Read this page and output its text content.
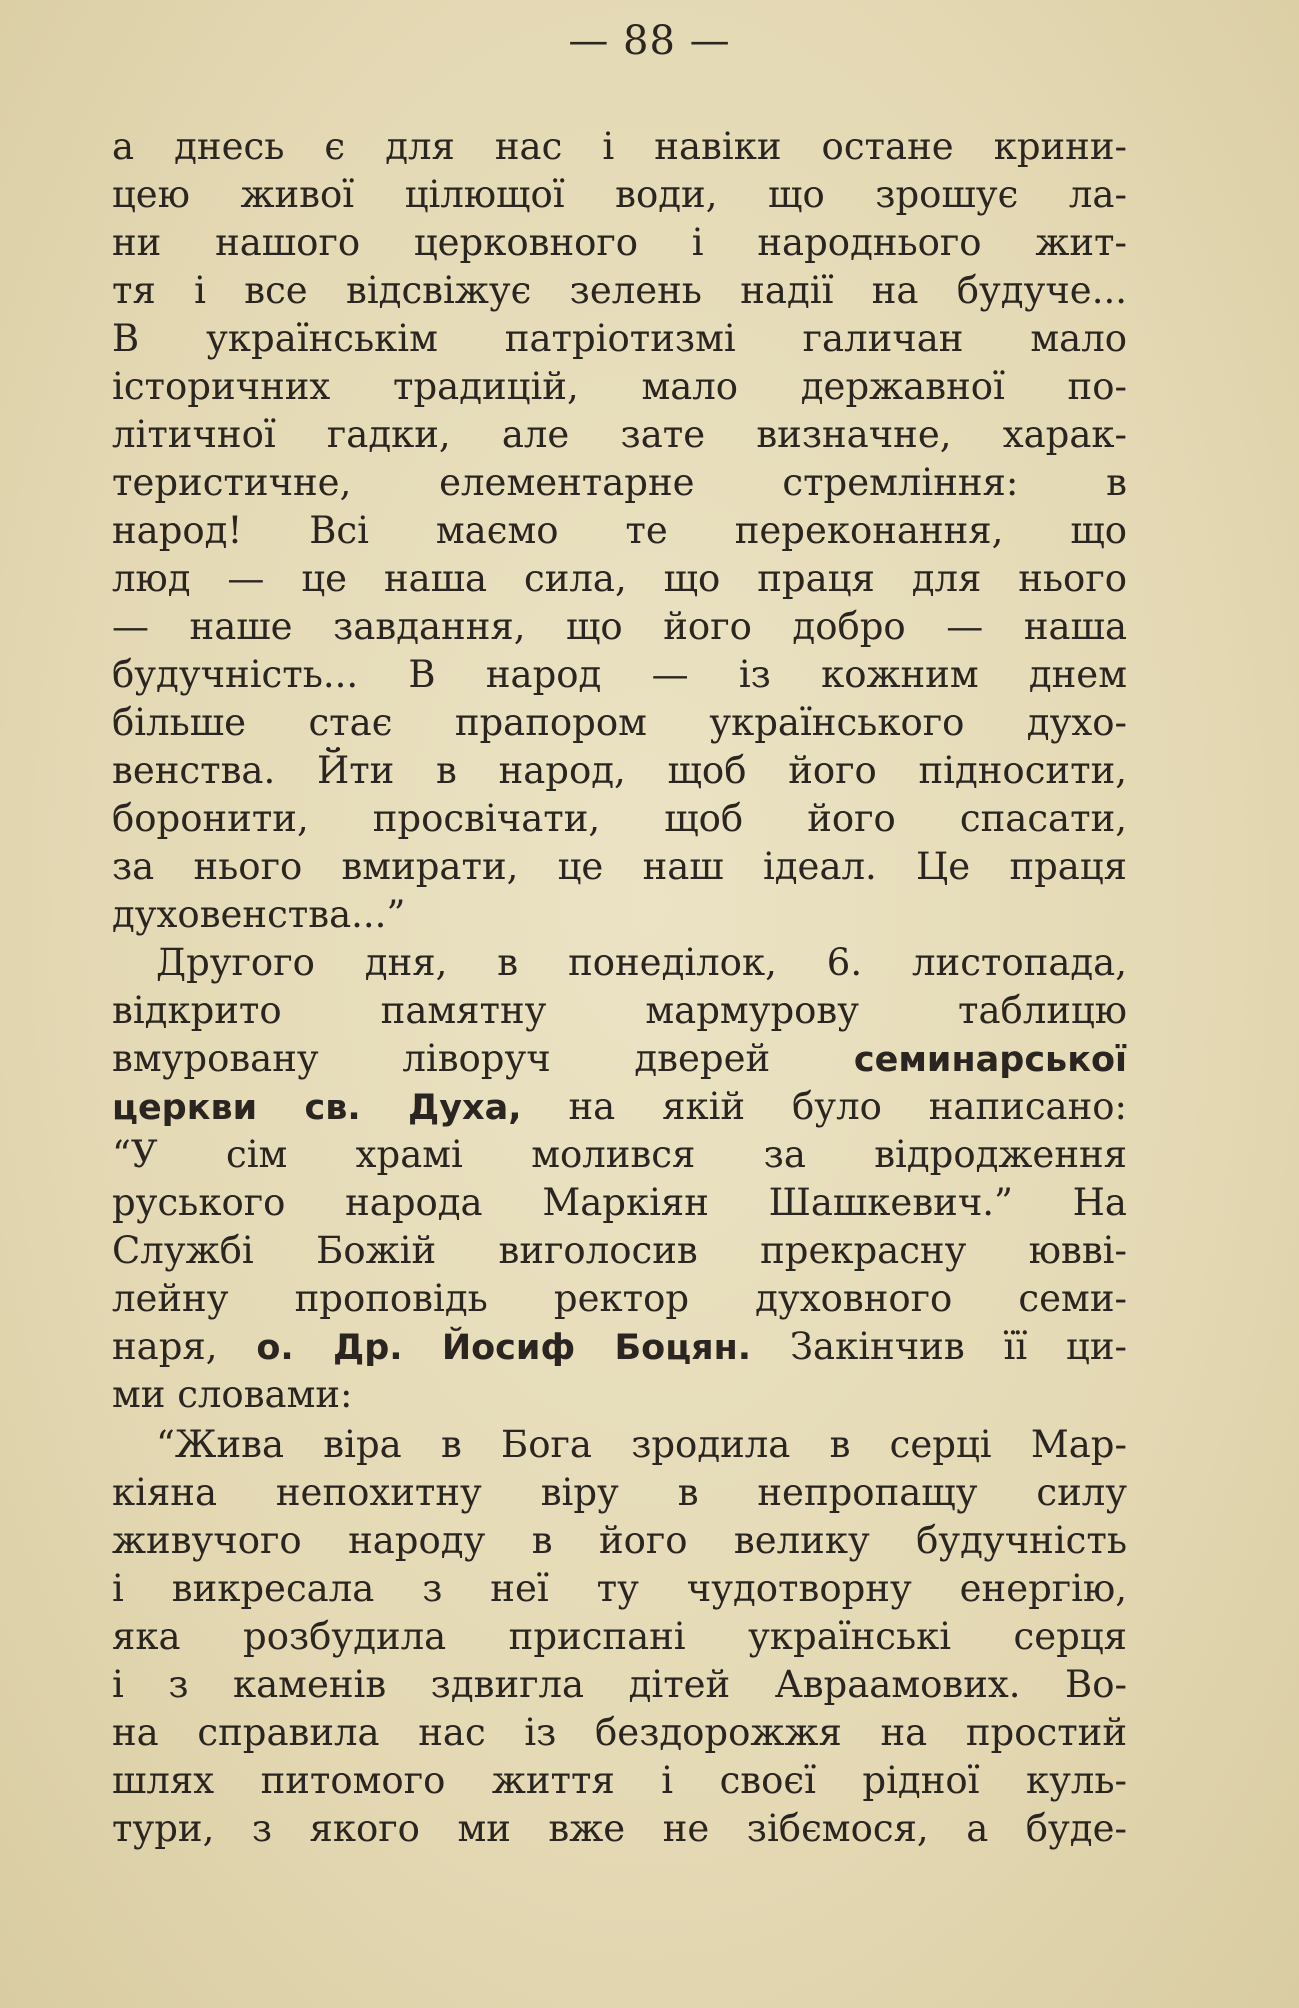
— 88 —
а днесь є для нас і навіки остане крини-
цею живої цілющої води, що зрошує ла-
ни нашого церковного і народнього жит-
тя і все відсвіжує зелень надії на будуче...
В українськім патріотизмі галичан мало
історичних традицій, мало державної по-
літичної гадки, але зате визначне, харак-
теристичне, елементарне стремління: в
народ! Всі маємо те переконання, що
люд — це наша сила, що праця для нього
— наше завдання, що його добро — наша
будучність... В народ — із кожним днем
більше стає прапором українського духо-
венства. Йти в народ, щоб його підносити,
боронити, просвічати, щоб його спасати,
за нього вмирати, це наш ідеал. Це праця
духовенства...”
Другого дня, в понеділок, 6. листопада,
відкрито памятну мармурову таблицю
вмуровану ліворуч дверей семинарської
церкви св. Духа, на якій було написано:
“У сім храмі молився за відродження
руського народа Маркіян Шашкевич.” На
Службі Божій виголосив прекрасну ювві-
лейну проповідь ректор духовного семи-
наря, о. Др. Йосиф Боцян. Закінчив її ци-
ми словами:
“Жива віра в Бога зродила в серці Мар-
кіяна непохитну віру в непропащу силу
живучого народу в його велику будучність
і викресала з неї ту чудотворну енергію,
яка розбудила приспані українські серця
і з каменів здвигла дітей Авраамових. Во-
на справила нас із бездорожжя на простий
шлях питомого життя і своєї рідної куль-
тури, з якого ми вже не зібємося, а буде-
